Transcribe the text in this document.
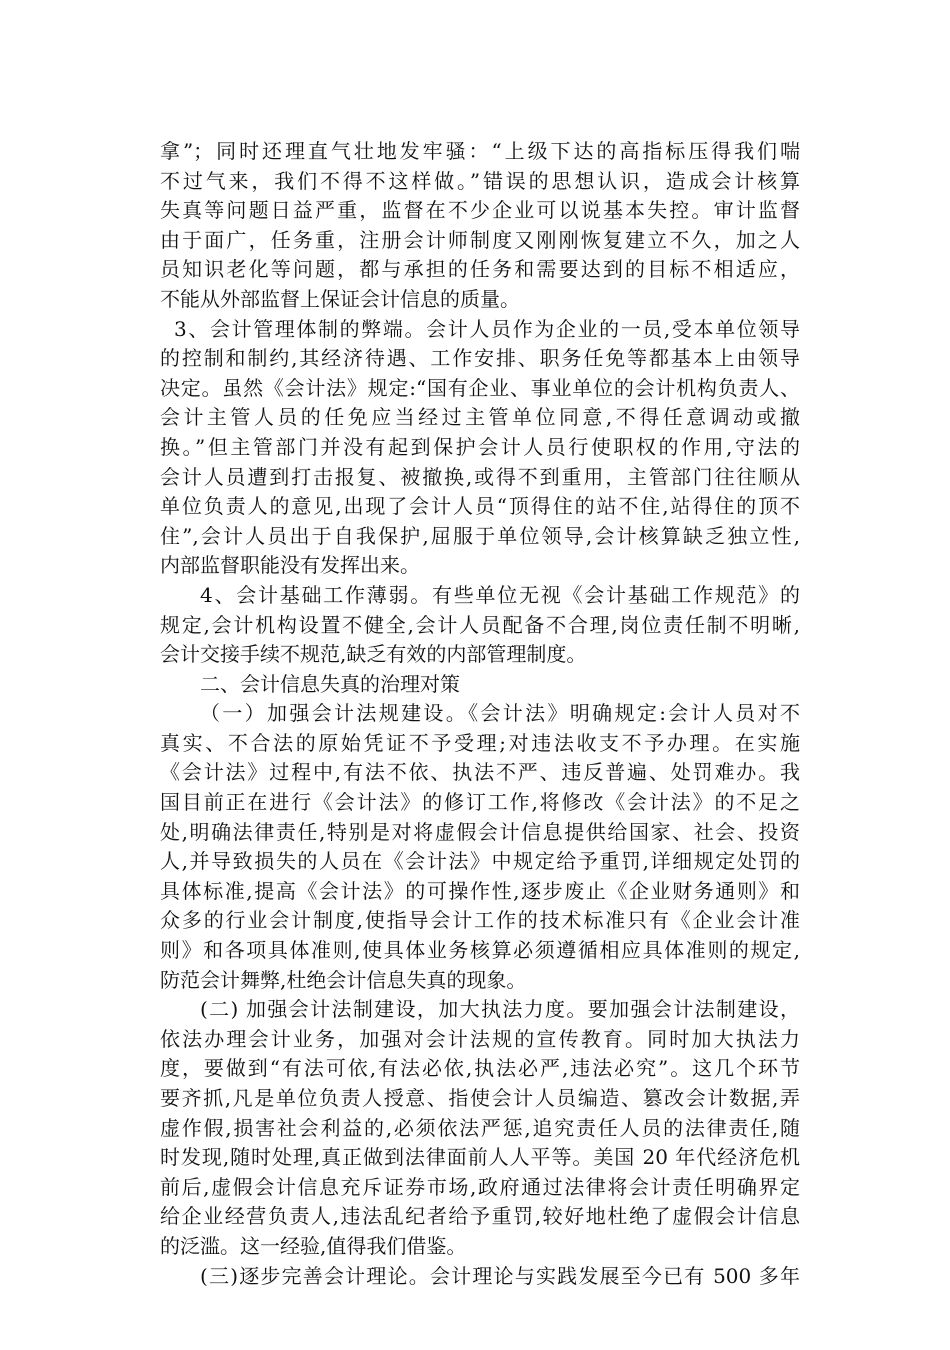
拿”；同时还理直气壮地发牢骚：“上级下达的高指标压得我们喘
不过气来，我们不得不这样做。”错误的思想认识，造成会计核算
失真等问题日益严重，监督在不少企业可以说基本失控。审计监督
由于面广，任务重，注册会计师制度又刚刚恢复建立不久，加之人
员知识老化等问题，都与承担的任务和需要达到的目标不相适应，
不能从外部监督上保证会计信息的质量。
3、会计管理体制的弊端。会计人员作为企业的一员,受本单位领导
的控制和制约,其经济待遇、工作安排、职务任免等都基本上由领导
决定。虽然《会计法》规定:“国有企业、事业单位的会计机构负责人、
会计主管人员的任免应当经过主管单位同意,不得任意调动或撤
换。”但主管部门并没有起到保护会计人员行使职权的作用,守法的
会计人员遭到打击报复、被撤换,或得不到重用，主管部门往往顺从
单位负责人的意见,出现了会计人员“顶得住的站不住,站得住的顶不
住”,会计人员出于自我保护,屈服于单位领导,会计核算缺乏独立性,
内部监督职能没有发挥出来。
4、会计基础工作薄弱。有些单位无视《会计基础工作规范》的
规定,会计机构设置不健全,会计人员配备不合理,岗位责任制不明晰,
会计交接手续不规范,缺乏有效的内部管理制度。
二、会计信息失真的治理对策
（一）加强会计法规建设。《会计法》明确规定:会计人员对不
真实、不合法的原始凭证不予受理;对违法收支不予办理。在实施
《会计法》过程中,有法不依、执法不严、违反普遍、处罚难办。我
国目前正在进行《会计法》的修订工作,将修改《会计法》的不足之
处,明确法律责任,特别是对将虚假会计信息提供给国家、社会、投资
人,并导致损失的人员在《会计法》中规定给予重罚,详细规定处罚的
具体标准,提高《会计法》的可操作性,逐步废止《企业财务通则》和
众多的行业会计制度,使指导会计工作的技术标准只有《企业会计准
则》和各项具体准则,使具体业务核算必须遵循相应具体准则的规定,
防范会计舞弊,杜绝会计信息失真的现象。
(二) 加强会计法制建设，加大执法力度。要加强会计法制建设，
依法办理会计业务，加强对会计法规的宣传教育。同时加大执法力
度，要做到“有法可依,有法必依,执法必严,违法必究”。这几个环节
要齐抓,凡是单位负责人授意、指使会计人员编造、篡改会计数据,弄
虚作假,损害社会利益的,必须依法严惩,追究责任人员的法律责任,随
时发现,随时处理,真正做到法律面前人人平等。美国 20 年代经济危机
前后,虚假会计信息充斥证券市场,政府通过法律将会计责任明确界定
给企业经营负责人,违法乱纪者给予重罚,较好地杜绝了虚假会计信息
的泛滥。这一经验,值得我们借鉴。
(三)逐步完善会计理论。会计理论与实践发展至今已有 500 多年
